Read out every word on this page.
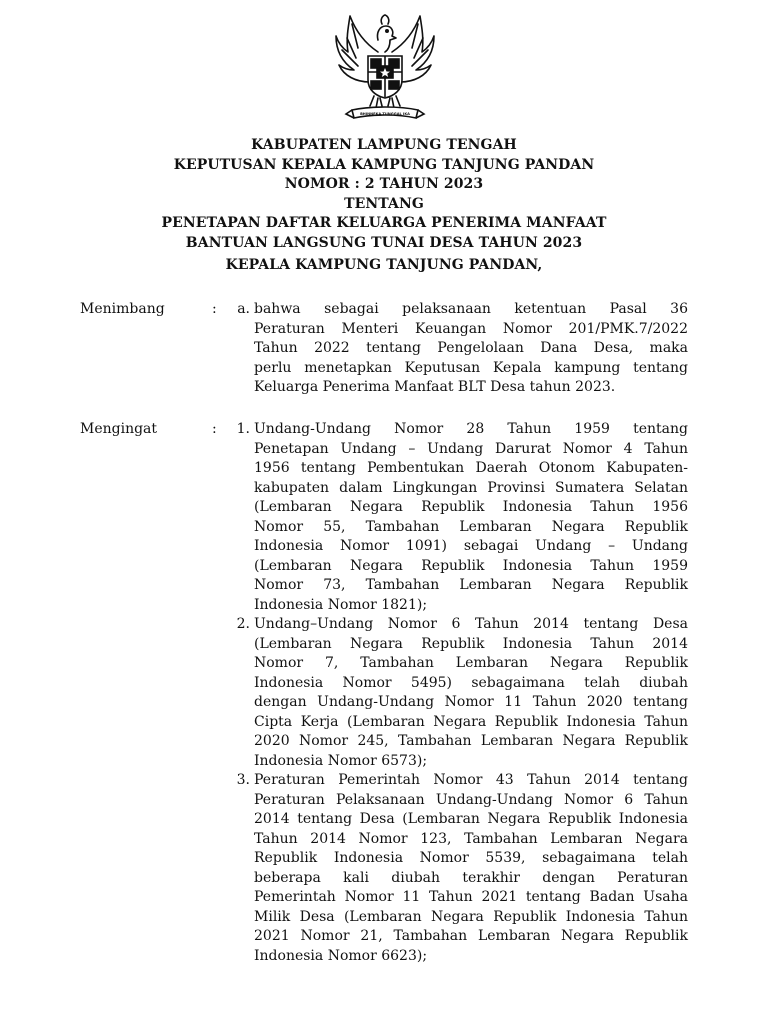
BHINNEKA TUNGGAL IKA
KABUPATEN LAMPUNG TENGAH
KEPUTUSAN KEPALA KAMPUNG TANJUNG PANDAN
NOMOR : 2 TAHUN 2023
TENTANG
PENETAPAN DAFTAR KELUARGA PENERIMA MANFAAT
BANTUAN LANGSUNG TUNAI DESA TAHUN 2023
KEPALA KAMPUNG TANJUNG PANDAN,
Menimbang	:	a. bahwa sebagai pelaksanaan ketentuan Pasal 36
Peraturan Menteri Keuangan Nomor 201/PMK.7/2022
Tahun 2022 tentang Pengelolaan Dana Desa, maka
perlu menetapkan Keputusan Kepala kampung tentang
Keluarga Penerima Manfaat BLT Desa tahun 2023.
Mengingat	:	1. Undang-Undang Nomor 28 Tahun 1959 tentang
Penetapan Undang – Undang Darurat Nomor 4 Tahun
1956 tentang Pembentukan Daerah Otonom Kabupaten-
kabupaten dalam Lingkungan Provinsi Sumatera Selatan
(Lembaran Negara Republik Indonesia Tahun 1956
Nomor 55, Tambahan Lembaran Negara Republik
Indonesia Nomor 1091) sebagai Undang – Undang
(Lembaran Negara Republik Indonesia Tahun 1959
Nomor 73, Tambahan Lembaran Negara Republik
Indonesia Nomor 1821);
2. Undang–Undang Nomor 6 Tahun 2014 tentang Desa
(Lembaran Negara Republik Indonesia Tahun 2014
Nomor 7, Tambahan Lembaran Negara Republik
Indonesia Nomor 5495) sebagaimana telah diubah
dengan Undang-Undang Nomor 11 Tahun 2020 tentang
Cipta Kerja (Lembaran Negara Republik Indonesia Tahun
2020 Nomor 245, Tambahan Lembaran Negara Republik
Indonesia Nomor 6573);
3. Peraturan Pemerintah Nomor 43 Tahun 2014 tentang
Peraturan Pelaksanaan Undang-Undang Nomor 6 Tahun
2014 tentang Desa (Lembaran Negara Republik Indonesia
Tahun 2014 Nomor 123, Tambahan Lembaran Negara
Republik Indonesia Nomor 5539, sebagaimana telah
beberapa kali diubah terakhir dengan Peraturan
Pemerintah Nomor 11 Tahun 2021 tentang Badan Usaha
Milik Desa (Lembaran Negara Republik Indonesia Tahun
2021 Nomor 21, Tambahan Lembaran Negara Republik
Indonesia Nomor 6623);
